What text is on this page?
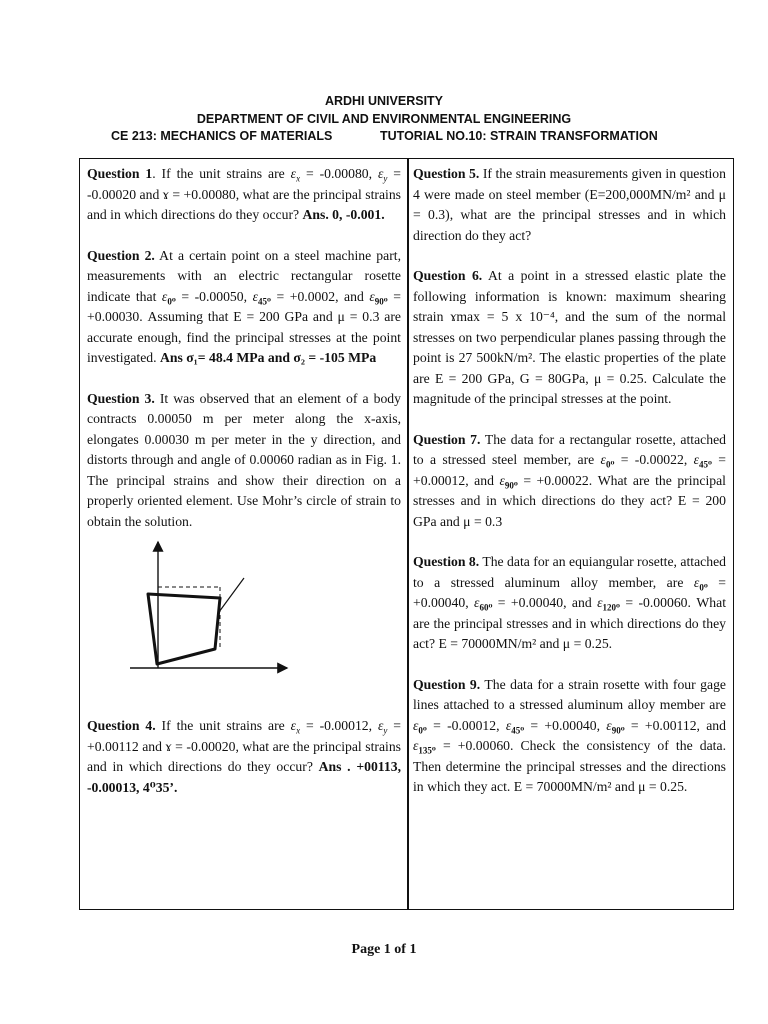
ARDHI UNIVERSITY
DEPARTMENT OF CIVIL AND ENVIRONMENTAL ENGINEERING
CE 213: MECHANICS OF MATERIALS	TUTORIAL NO.10: STRAIN TRANSFORMATION
Question 1. If the unit strains are $\varepsilon_x = -0.00080$, $\varepsilon_y = -0.00020$ and ɤ = +0.00080, what are the principal strains and in which directions do they occur? Ans. 0, -0.001.
Question 2. At a certain point on a steel machine part, measurements with an electric rectangular rosette indicate that $\varepsilon_{0^0} = -0.00050$, $\varepsilon_{45^0} = +0.0002$, and $\varepsilon_{90^0} = +0.00030$. Assuming that E = 200 GPa and μ = 0.3 are accurate enough, find the principal stresses at the point investigated. Ans σ₁= 48.4 MPa and σ₂ = -105 MPa
Question 3. It was observed that an element of a body contracts 0.00050 m per meter along the x-axis, elongates 0.00030 m per meter in the y direction, and distorts through and angle of 0.00060 radian as in Fig. 1. The principal strains and show their direction on a properly oriented element. Use Mohr’s circle of strain to obtain the solution.
Question 4. If the unit strains are $\varepsilon_x = -0.00012$, $\varepsilon_y = +0.00112$ and ɤ = -0.00020, what are the principal strains and in which directions do they occur? Ans . +00113, -0.00013, 4⁰35’.
Question 5. If the strain measurements given in question 4 were made on steel member (E=200,000MN/m² and μ = 0.3), what are the principal stresses and in which direction do they act?
Question 6. At a point in a stressed elastic plate the following information is known: maximum shearing strain ɤmax = 5 x 10⁻⁴, and the sum of the normal stresses on two perpendicular planes passing through the point is 27 500kN/m². The elastic properties of the plate are E = 200 GPa, G = 80GPa, μ = 0.25. Calculate the magnitude of the principal stresses at the point.
Question 7. The data for a rectangular rosette, attached to a stressed steel member, are $\varepsilon_{0^0} = -0.00022$, $\varepsilon_{45^0} = +0.00012$, and $\varepsilon_{90^0} = +0.00022$. What are the principal stresses and in which directions do they act? E = 200 GPa and μ = 0.3
Question 8. The data for an equiangular rosette, attached to a stressed aluminum alloy member, are $\varepsilon_{0^0} = +0.00040$, $\varepsilon_{60^0} = +0.00040$, and $\varepsilon_{120^0} = -0.00060$. What are the principal stresses and in which directions do they act? E = 70000MN/m² and μ = 0.25.
Question 9. The data for a strain rosette with four gage lines attached to a stressed aluminum alloy member are $\varepsilon_{0^0} = -0.00012$, $\varepsilon_{45^0} = +0.00040$, $\varepsilon_{90^0} = +0.00112$, and $\varepsilon_{135^0} = +0.00060$. Check the consistency of the data. Then determine the principal stresses and the directions in which they act. E = 70000MN/m² and μ = 0.25.
Page 1 of 1
